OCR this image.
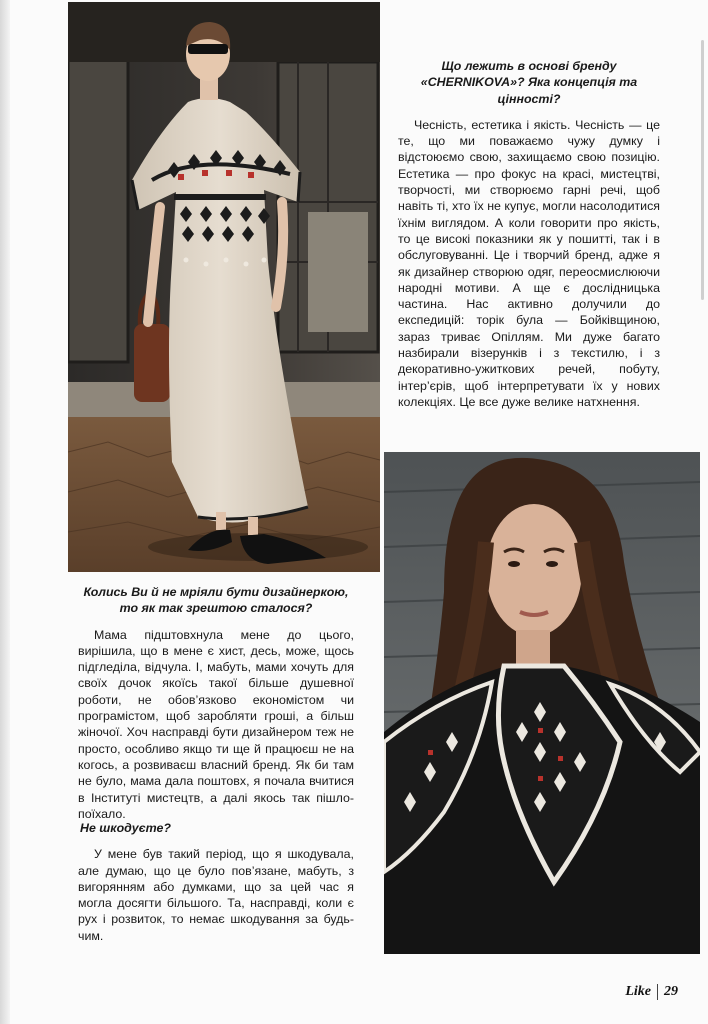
Що лежить в основі бренду «CHERNIKOVA»? Яка концепція та цінності?

Чесність, естетика і якість. Чесність — це те, що ми поважаємо чужу думку і відстоюємо свою, захищаємо свою позицію. Естетика — про фокус на красі, мистецтві, творчості, ми створюємо гарні речі, щоб навіть ті, хто їх не купує, могли насолодитися їхнім виглядом. А коли говорити про якість, то це високі показники як у пошитті, так і в обслуговуванні. Це і творчий бренд, адже я як дизайнер створюю одяг, переосмислюючи народні мотиви. А ще є дослідницька частина. Нас активно долучили до експедицій: торік була — Бойківщиною, зараз триває Опіллям. Ми дуже багато назбирали візерунків і з текстилю, і з декоративно-ужиткових речей, побуту, інтер’єрів, щоб інтерпретувати їх у нових колекціях. Це все дуже велике натхнення.

Колись Ви й не мріяли бути дизайнеркою, то як так зрештою сталося?

Мама підштовхнула мене до цього, вирішила, що в мене є хист, десь, може, щось підгледіла, відчула. І, мабуть, мами хочуть для своїх дочок якоїсь такої більше душевної роботи, не обов’язково економістом чи програмістом, щоб заробляти гроші, а більш жіночої. Хоч насправді бути дизайнером теж не просто, особливо якщо ти ще й працюєш не на когось, а розвиваєш власний бренд. Як би там не було, мама дала поштовх, я почала вчитися в Інституті мистецтв, а далі якось так пішло-поїхало.

Не шкодуєте?

У мене був такий період, що я шкодувала, але думаю, що це було пов’язане, мабуть, з вигорянням або думками, що за цей час я могла досягти більшого. Та, насправді, коли є рух і розвиток, то немає шкодування за будь-чим.

Like 29
